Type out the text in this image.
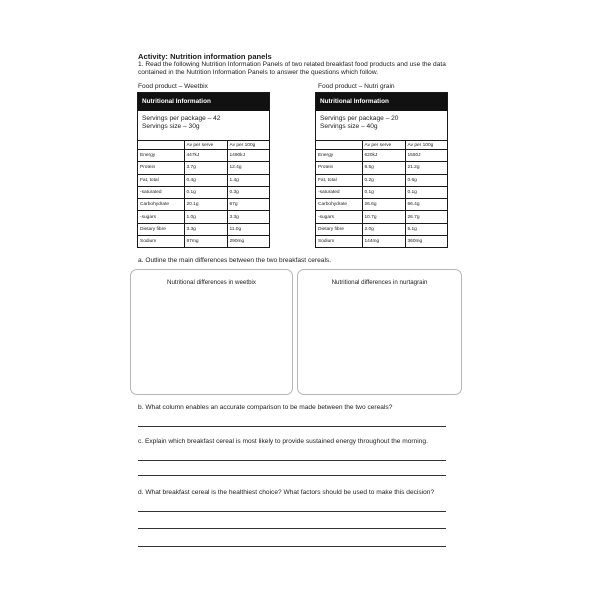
Activity: Nutrition information panels
1. Read the following Nutrition Information Panels of two related breakfast food products and use the data contained in the Nutrition Information Panels to answer the questions which follow.
Food product – Weetbix	Food product – Nutri grain
Nutritional Information
Servings per package – 42
Servings size – 30g
	Av per serve	Av per 100g
Energy	447kJ	1490kJ
Protein	3.7g	12.4g
Fat, total	0.4g	1.4g
-saturated	0.1g	0.3g
Carbohydrate	20.1g	67g
-sugars	1.0g	3.3g
Dietary fibre	3.3g	11.0g
Sodium	87mg	290mg
Nutritional Information
Servings per package – 20
Servings size – 40g
	Av per serve	Av per 100g
Energy	620kJ	1550J
Protein	8.5g	21.2g
Fat, total	0.2g	0.6g
-saturated	0.1g	0.1g
Carbohydrate	26.6g	66.4g
-sugars	10.7g	26.7g
Dietary fibre	2.0g	5.1g
Sodium	144mg	360mg
a. Outline the main differences between the two breakfast cereals.
Nutritional differences in weetbix	Nutritional differences in nurtagrain
b. What column enables an accurate comparison to be made between the two cereals?
c. Explain which breakfast cereal is most likely to provide sustained energy throughout the morning.
d. What breakfast cereal is the healthiest choice? What factors should be used to make this decision?
